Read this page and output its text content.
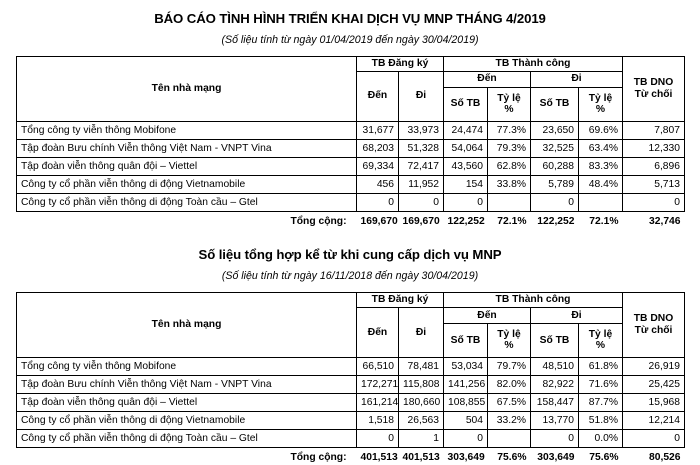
BÁO CÁO TÌNH HÌNH TRIỂN KHAI DỊCH VỤ MNP THÁNG 4/2019
(Số liệu tính từ ngày 01/04/2019 đến ngày 30/04/2019)
Tên nhà mạng	TB Đăng ký		TB Thành công				TB DNO
Từ chối
	Đến	Đi	Đến		Đi		
			Số TB	Tỷ lệ %	Số TB	Tỷ lệ %	
Tổng công ty viễn thông Mobifone	31,677	33,973	24,474	77.3%	23,650	69.6%	7,807
Tập đoàn Bưu chính Viễn thông Việt Nam - VNPT Vina	68,203	51,328	54,064	79.3%	32,525	63.4%	12,330
Tập đoàn viễn thông quân đội – Viettel	69,334	72,417	43,560	62.8%	60,288	83.3%	6,896
Công ty cổ phần viễn thông di động Vietnamobile	456	11,952	154	33.8%	5,789	48.4%	5,713
Công ty cổ phần viễn thông di động Toàn cầu – Gtel	0	0	0		0		0
Tổng cộng:	169,670	169,670	122,252	72.1%	122,252	72.1%	32,746
Số liệu tổng hợp kể từ khi cung cấp dịch vụ MNP
(Số liệu tính từ ngày 16/11/2018 đến ngày 30/04/2019)
Tên nhà mạng	TB Đăng ký		TB Thành công				TB DNO
Từ chối
	Đến	Đi	Đến		Đi		
			Số TB	Tỷ lệ %	Số TB	Tỷ lệ %	
Tổng công ty viễn thông Mobifone	66,510	78,481	53,034	79.7%	48,510	61.8%	26,919
Tập đoàn Bưu chính Viễn thông Việt Nam - VNPT Vina	172,271	115,808	141,256	82.0%	82,922	71.6%	25,425
Tập đoàn viễn thông quân đội – Viettel	161,214	180,660	108,855	67.5%	158,447	87.7%	15,968
Công ty cổ phần viễn thông di động Vietnamobile	1,518	26,563	504	33.2%	13,770	51.8%	12,214
Công ty cổ phần viễn thông di động Toàn cầu – Gtel	0	1	0		0	0.0%	0
Tổng cộng:	401,513	401,513	303,649	75.6%	303,649	75.6%	80,526
